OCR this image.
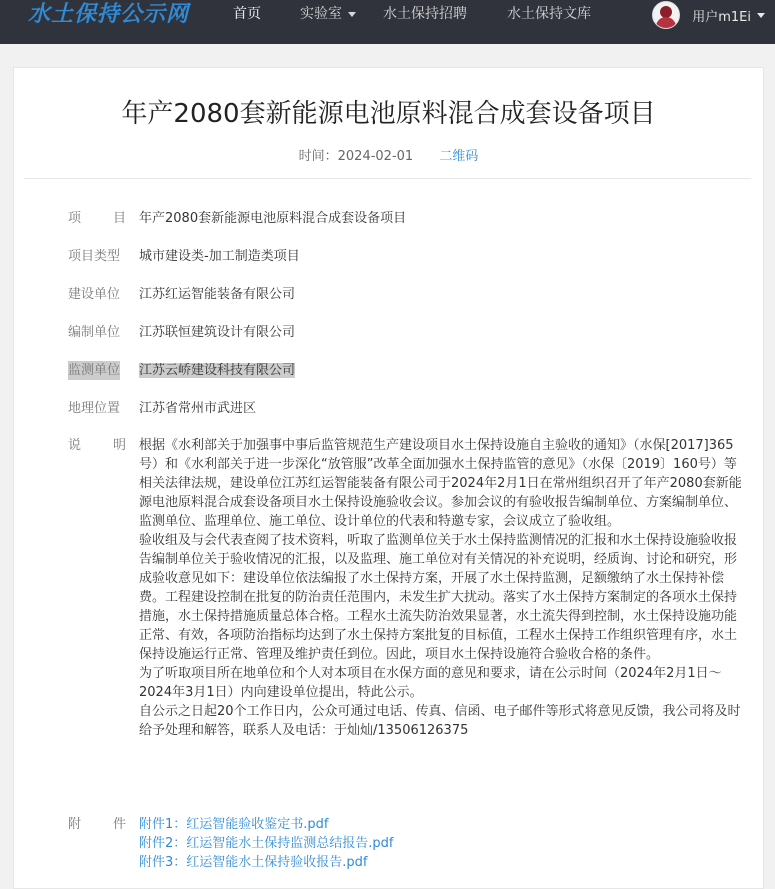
水土保持公示网	首页	实验室	水土保持招聘	水土保持文库	用户m1Ei
年产2080套新能源电池原料混合成套设备项目
时间：2024-02-01 二维码
项 目 年产2080套新能源电池原料混合成套设备项目
项目类型	城市建设类-加工制造类项目
建设单位	江苏红运智能装备有限公司
编制单位	江苏联恒建筑设计有限公司
监测单位 江苏云峤建设科技有限公司
地理位置	江苏省常州市武进区
说 明 根据《水利部关于加强事中事后监管规范生产建设项目水土保持设施自主验收的通知》（水保[2017]365号）和《水利部关于进一步深化“放管服”改革全面加强水土保持监管的意见》（水保〔2019〕160号）等相关法律法规，建设单位江苏红运智能装备有限公司于2024年2月1日在常州组织召开了年产2080套新能源电池原料混合成套设备项目水土保持设施验收会议。参加会议的有验收报告编制单位、方案编制单位、监测单位、监理单位、施工单位、设计单位的代表和特邀专家，会议成立了验收组。

验收组及与会代表查阅了技术资料，听取了监测单位关于水土保持监测情况的汇报和水土保持设施验收报告编制单位关于验收情况的汇报，以及监理、施工单位对有关情况的补充说明，经质询、讨论和研究，形成验收意见如下：建设单位依法编报了水土保持方案，开展了水土保持监测，足额缴纳了水土保持补偿费。工程建设控制在批复的防治责任范围内，未发生扩大扰动。落实了水土保持方案制定的各项水土保持措施，水土保持措施质量总体合格。工程水土流失防治效果显著，水土流失得到控制，水土保持设施功能正常、有效，各项防治指标均达到了水土保持方案批复的目标值，工程水土保持工作组织管理有序，水土保持设施运行正常、管理及维护责任到位。因此，项目水土保持设施符合验收合格的条件。

为了听取项目所在地单位和个人对本项目在水保方面的意见和要求，请在公示时间（2024年2月1日～2024年3月1日）内向建设单位提出，特此公示。

自公示之日起20个工作日内，公众可通过电话、传真、信函、电子邮件等形式将意见反馈，我公司将及时给予处理和解答，联系人及电话：于灿灿/13506126375

附 件 附件1：红运智能验收鉴定书.pdf
附件2：红运智能水土保持监测总结报告.pdf
附件3：红运智能水土保持验收报告.pdf
